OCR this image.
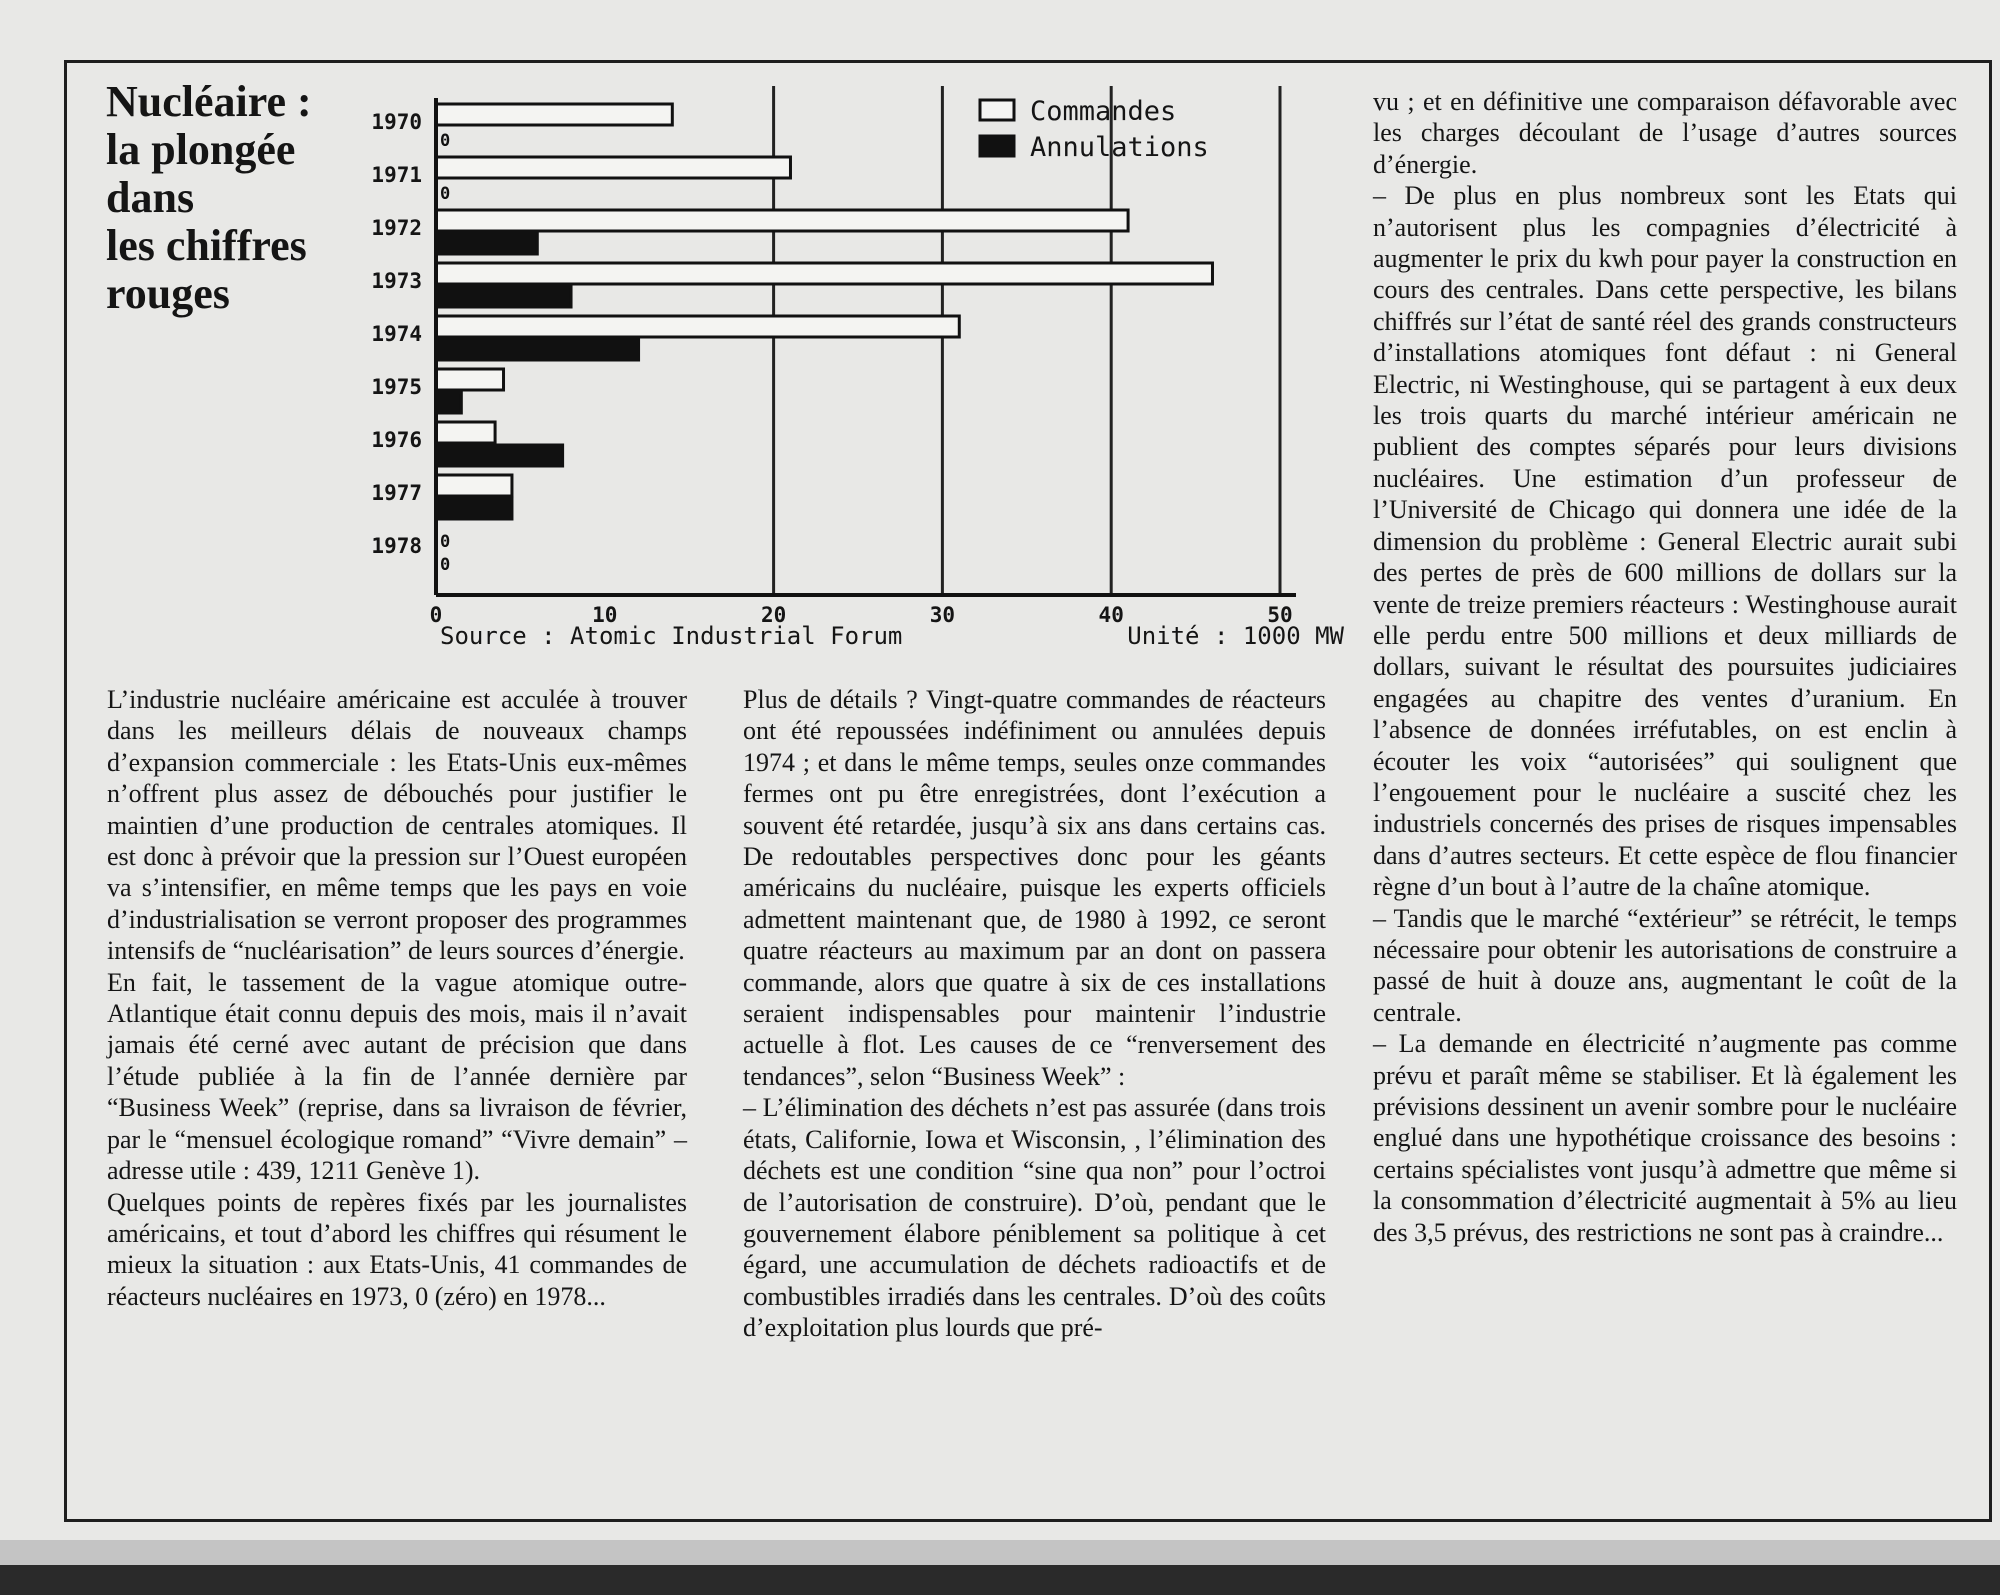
Nucléaire :
la plongée
dans
les chiffres
rouges
1970
1971
1972
1973
1974
1975
1976
1977
1978
0
0
0
0
0	10	20	30	40	50
Commandes
Annulations
Source : Atomic Industrial Forum	Unité : 1000 MW

L’industrie nucléaire américaine est acculée à trouver dans les meilleurs délais de nouveaux champs d’expansion commerciale : les Etats-Unis eux-mêmes n’offrent plus assez de débouchés pour justifier le maintien d’une production de centrales atomiques. Il est donc à prévoir que la pression sur l’Ouest européen va s’intensifier, en même temps que les pays en voie d’industrialisation se verront proposer des programmes intensifs de “nucléarisation” de leurs sources d’énergie.

En fait, le tassement de la vague atomique outre-Atlantique était connu depuis des mois, mais il n’avait jamais été cerné avec autant de précision que dans l’étude publiée à la fin de l’année dernière par “Business Week” (reprise, dans sa livraison de février, par le “mensuel écologique romand” “Vivre demain” – adresse utile : 439, 1211 Genève 1).

Quelques points de repères fixés par les journalistes américains, et tout d’abord les chiffres qui résument le mieux la situation : aux Etats-Unis, 41 commandes de réacteurs nucléaires en 1973, 0 (zéro) en 1978...

Plus de détails ? Vingt-quatre commandes de réacteurs ont été repoussées indéfiniment ou annulées depuis 1974 ; et dans le même temps, seules onze commandes fermes ont pu être enregistrées, dont l’exécution a souvent été retardée, jusqu’à six ans dans certains cas. De redoutables perspectives donc pour les géants américains du nucléaire, puisque les experts officiels admettent maintenant que, de 1980 à 1992, ce seront quatre réacteurs au maximum par an dont on passera commande, alors que quatre à six de ces installations seraient indispensables pour maintenir l’industrie actuelle à flot. Les causes de ce “renversement des tendances”, selon “Business Week” :

– L’élimination des déchets n’est pas assurée (dans trois états, Californie, Iowa et Wisconsin, , l’élimination des déchets est une condition “sine qua non” pour l’octroi de l’autorisation de construire). D’où, pendant que le gouvernement élabore péniblement sa politique à cet égard, une accumulation de déchets radioactifs et de combustibles irradiés dans les centrales. D’où des coûts d’exploitation plus lourds que pré-

vu ; et en définitive une comparaison défavorable avec les charges découlant de l’usage d’autres sources d’énergie.

– De plus en plus nombreux sont les Etats qui n’autorisent plus les compagnies d’électricité à augmenter le prix du kwh pour payer la construction en cours des centrales. Dans cette perspective, les bilans chiffrés sur l’état de santé réel des grands constructeurs d’installations atomiques font défaut : ni General Electric, ni Westinghouse, qui se partagent à eux deux les trois quarts du marché intérieur américain ne publient des comptes séparés pour leurs divisions nucléaires. Une estimation d’un professeur de l’Université de Chicago qui donnera une idée de la dimension du problème : General Electric aurait subi des pertes de près de 600 millions de dollars sur la vente de treize premiers réacteurs : Westinghouse aurait elle perdu entre 500 millions et deux milliards de dollars, suivant le résultat des poursuites judiciaires engagées au chapitre des ventes d’uranium. En l’absence de données irréfutables, on est enclin à écouter les voix “autorisées” qui soulignent que l’engouement pour le nucléaire a suscité chez les industriels concernés des prises de risques impensables dans d’autres secteurs. Et cette espèce de flou financier règne d’un bout à l’autre de la chaîne atomique.

– Tandis que le marché “extérieur” se rétrécit, le temps nécessaire pour obtenir les autorisations de construire a passé de huit à douze ans, augmentant le coût de la centrale.

– La demande en électricité n’augmente pas comme prévu et paraît même se stabiliser. Et là également les prévisions dessinent un avenir sombre pour le nucléaire englué dans une hypothétique croissance des besoins : certains spécialistes vont jusqu’à admettre que même si la consommation d’électricité augmentait à 5% au lieu des 3,5 prévus, des restrictions ne sont pas à craindre...
